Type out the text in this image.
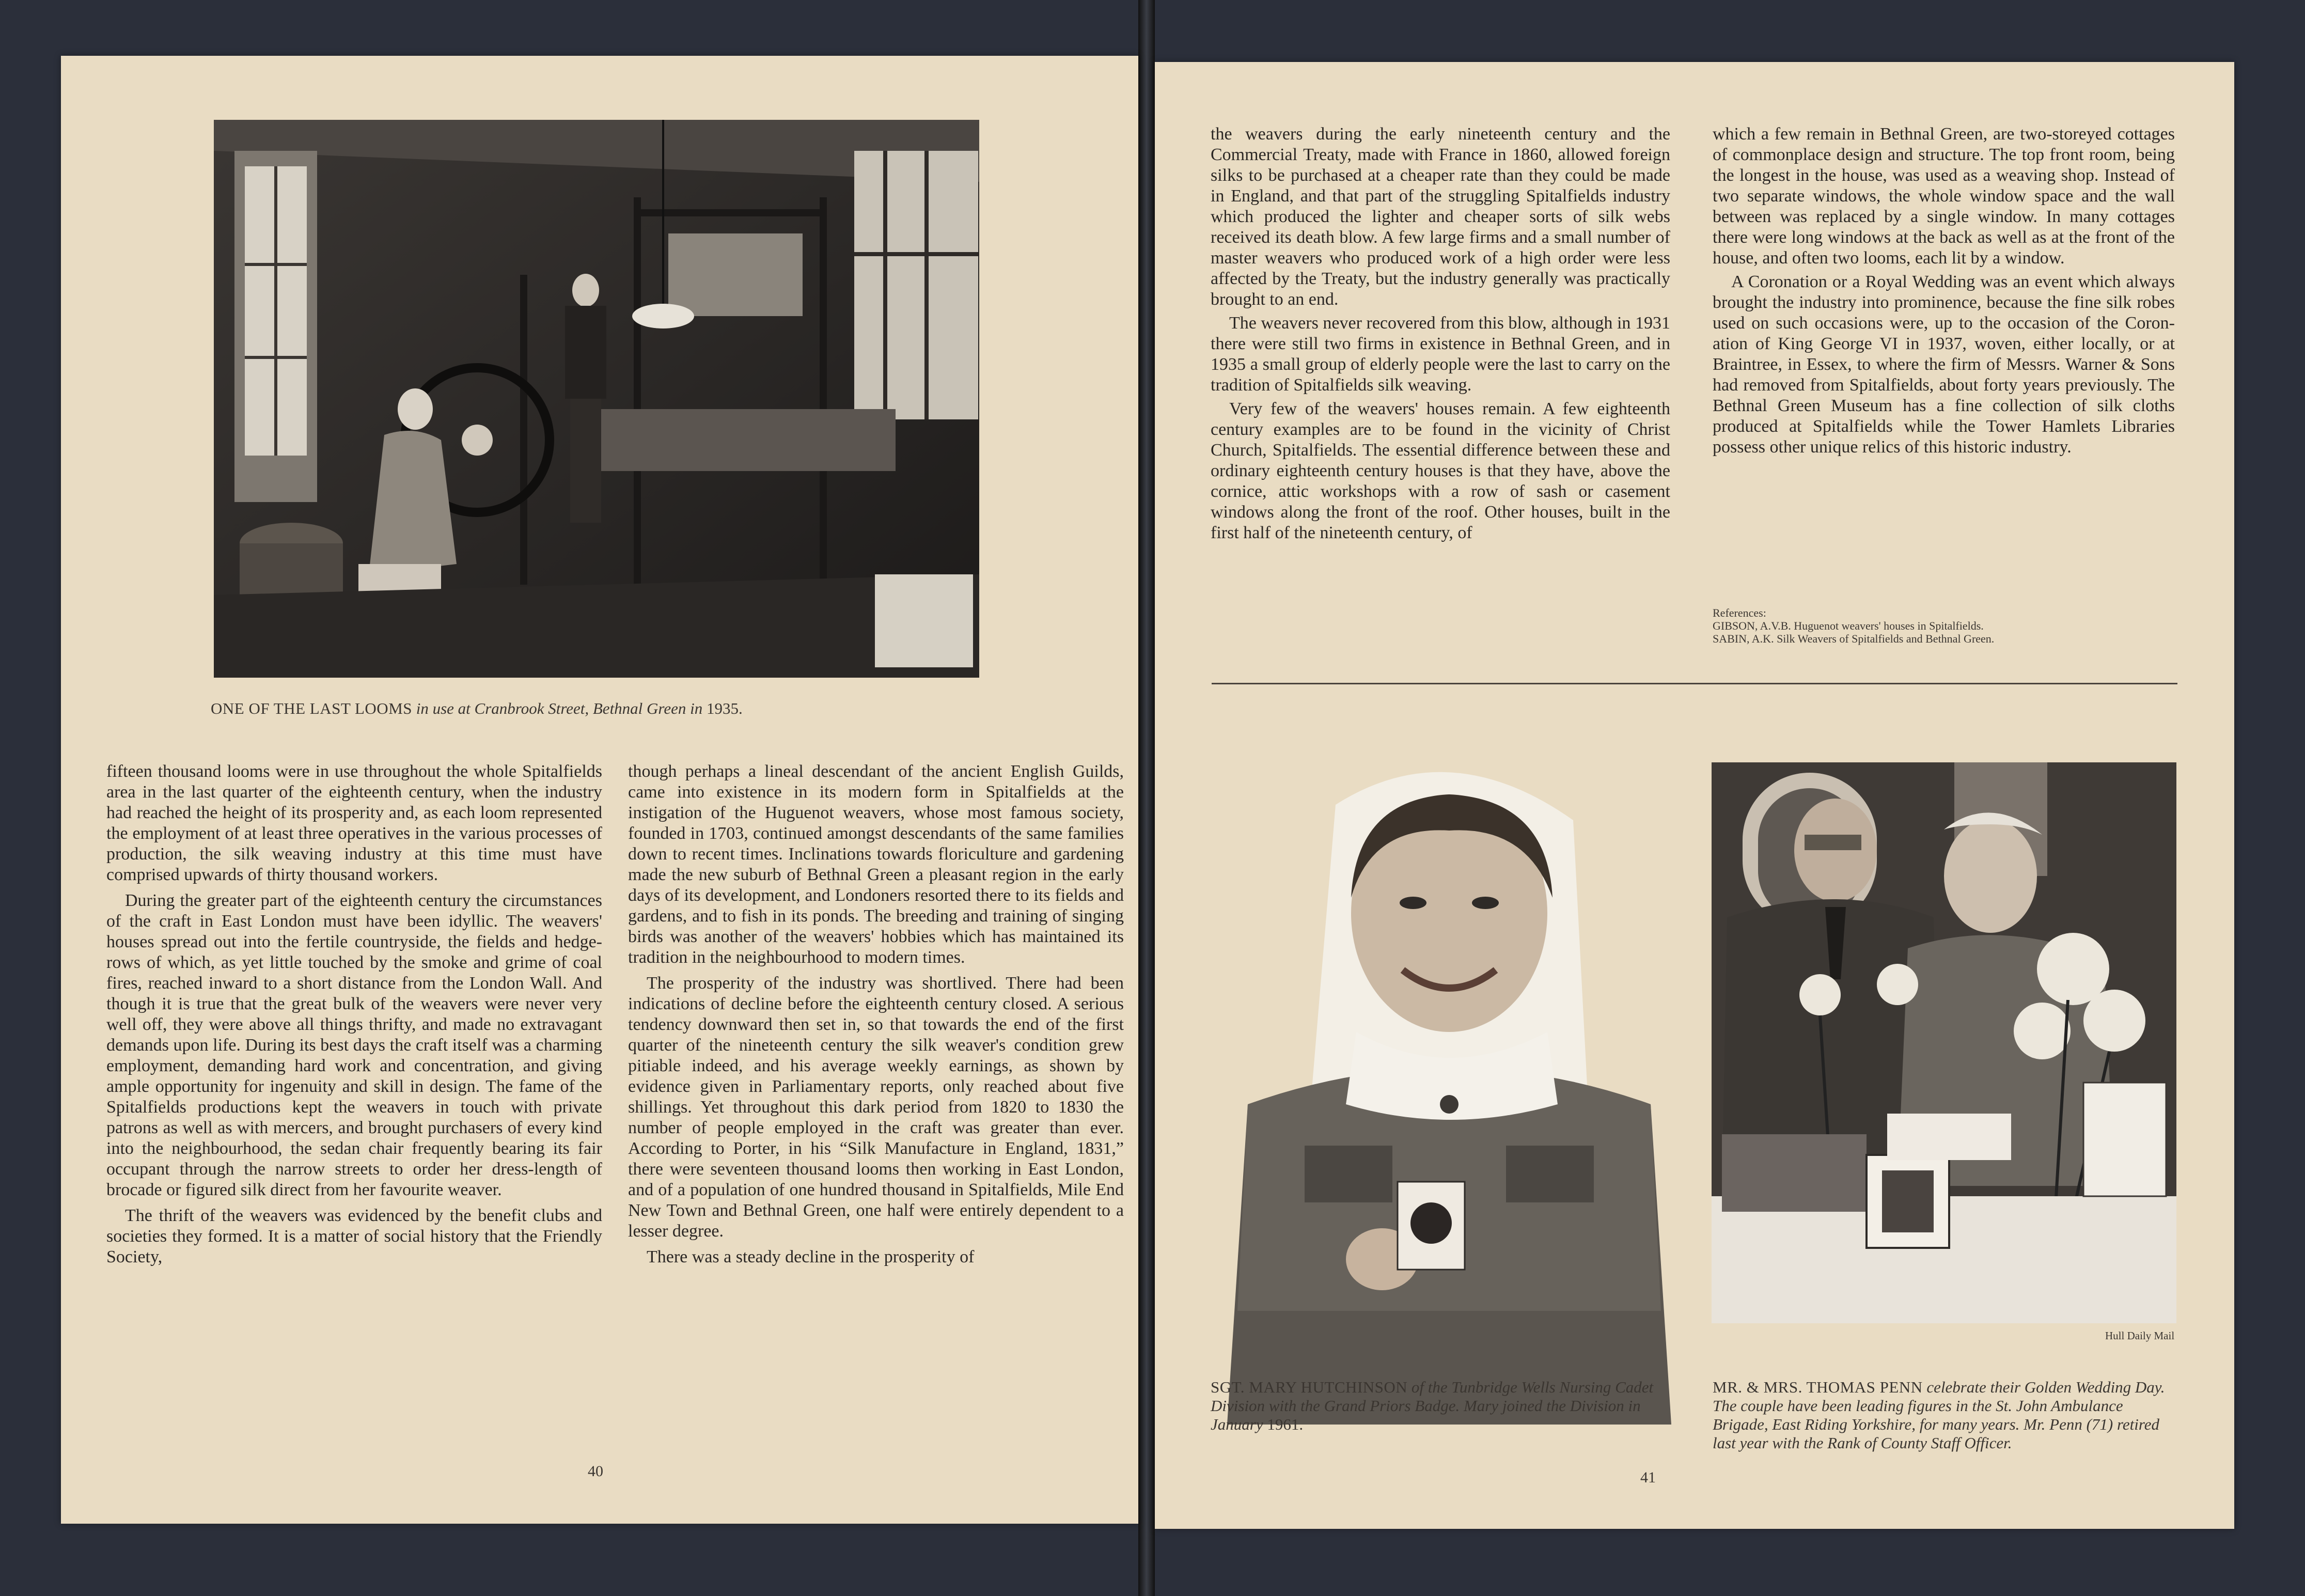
ONE OF THE LAST LOOMS in use at Cranbrook Street, Bethnal Green in 1935.

fifteen thousand looms were in use throughout the whole Spitalfields area in the last quarter of the eighteenth century, when the industry had reached the height of its prosperity and, as each loom represented the employment of at least three operatives in the various processes of production, the silk weaving industry at this time must have comprised upwards of thirty thousand workers.

During the greater part of the eighteenth century the circumstances of the craft in East London must have been idyllic. The weavers' houses spread out into the fertile countryside, the fields and hedgerows of which, as yet little touched by the smoke and grime of coal fires, reached inward to a short distance from the London Wall. And though it is true that the great bulk of the weavers were never very well off, they were above all things thrifty, and made no extravagant demands upon life. During its best days the craft itself was a charming employment, demanding hard work and concentration, and giving ample opportunity for ingenuity and skill in design. The fame of the Spitalfields productions kept the weavers in touch with private patrons as well as with mercers, and brought purchasers of every kind into the neighbourhood, the sedan chair frequently bearing its fair occupant through the narrow streets to order her dress-length of brocade or figured silk direct from her favourite weaver.

The thrift of the weavers was evidenced by the benefit clubs and societies they formed. It is a matter of social history that the Friendly Society,

though perhaps a lineal descendant of the ancient English Guilds, came into existence in its modern form in Spitalfields at the instigation of the Huguenot weavers, whose most famous society, founded in 1703, continued amongst descendants of the same families down to recent times. Inclinations towards floriculture and gardening made the new suburb of Bethnal Green a pleasant region in the early days of its development, and Londoners resorted there to its fields and gardens, and to fish in its ponds. The breeding and training of singing birds was another of the weavers' hobbies which has maintained its tradition in the neighbourhood to modern times.

The prosperity of the industry was shortlived. There had been indications of decline before the eighteenth century closed. A serious tendency downward then set in, so that towards the end of the first quarter of the nineteenth century the silk weaver's condition grew pitiable indeed, and his average weekly earnings, as shown by evidence given in Parliamentary reports, only reached about five shillings. Yet throughout this dark period from 1820 to 1830 the number of people employed in the craft was greater than ever. According to Porter, in his “Silk Manufacture in England, 1831,” there were seventeen thousand looms then working in East London, and of a population of one hundred thousand in Spitalfields, Mile End New Town and Bethnal Green, one half were entirely dependent to a lesser degree.

There was a steady decline in the prosperity of

40

the weavers during the early nineteenth century and the Commercial Treaty, made with France in 1860, allowed foreign silks to be purchased at a cheaper rate than they could be made in England, and that part of the struggling Spitalfields industry which produced the lighter and cheaper sorts of silk webs received its death blow. A few large firms and a small number of master weavers who produced work of a high order were less affected by the Treaty, but the industry generally was practically brought to an end.

The weavers never recovered from this blow, although in 1931 there were still two firms in existence in Bethnal Green, and in 1935 a small group of elderly people were the last to carry on the tradition of Spitalfields silk weaving.

Very few of the weavers' houses remain. A few eighteenth century examples are to be found in the vicinity of Christ Church, Spitalfields. The essential difference between these and ordinary eighteenth century houses is that they have, above the cornice, attic workshops with a row of sash or casement windows along the front of the roof. Other houses, built in the first half of the nineteenth century, of

which a few remain in Bethnal Green, are two-storeyed cottages of commonplace design and structure. The top front room, being the longest in the house, was used as a weaving shop. Instead of two separate windows, the whole window space and the wall between was replaced by a single window. In many cottages there were long windows at the back as well as at the front of the house, and often two looms, each lit by a window.

A Coronation or a Royal Wedding was an event which always brought the industry into prominence, because the fine silk robes used on such occasions were, up to the occasion of the Coronation of King George VI in 1937, woven, either locally, or at Braintree, in Essex, to where the firm of Messrs. Warner & Sons had removed from Spitalfields, about forty years previously. The Bethnal Green Museum has a fine collection of silk cloths produced at Spitalfields while the Tower Hamlets Libraries possess other unique relics of this historic industry.

References:
GIBSON, A.V.B. Huguenot weavers' houses in Spitalfields.
SABIN, A.K. Silk Weavers of Spitalfields and Bethnal Green.

SGT. MARY HUTCHINSON of the Tunbridge Wells Nursing Cadet Division with the Grand Priors Badge. Mary joined the Division in January 1961.

Hull Daily Mail

MR. & MRS. THOMAS PENN celebrate their Golden Wedding Day. The couple have been leading figures in the St. John Ambulance Brigade, East Riding Yorkshire, for many years. Mr. Penn (71) retired last year with the Rank of County Staff Officer.

41
